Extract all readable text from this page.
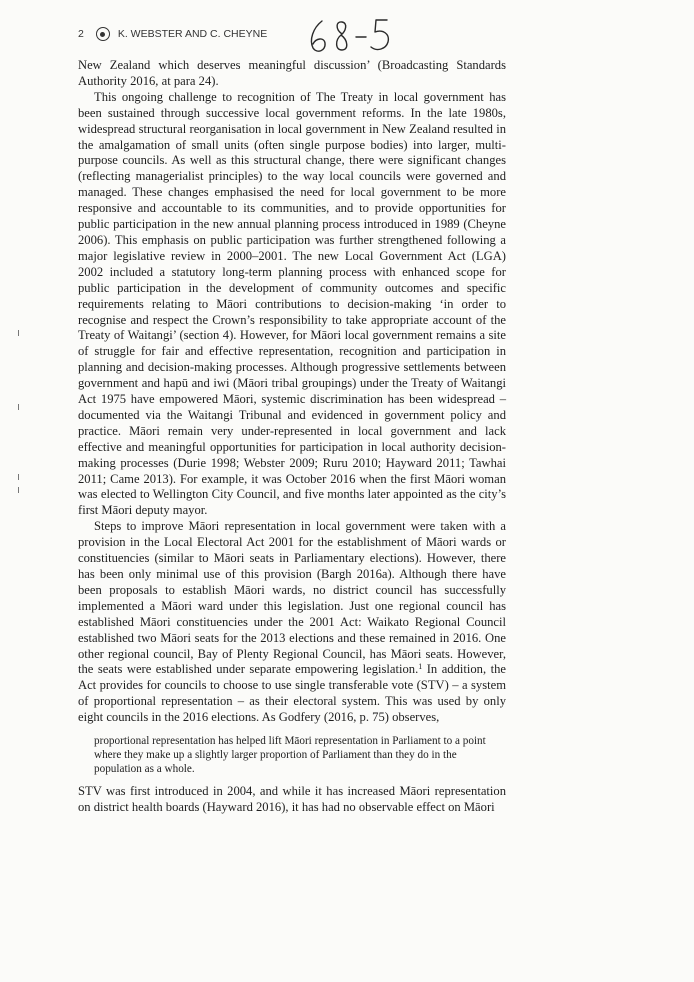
2	K. WEBSTER AND C. CHEYNE

New Zealand which deserves meaningful discussion’ (Broadcasting Standards Authority 2016, at para 24).

This ongoing challenge to recognition of The Treaty in local government has been sustained through successive local government reforms. In the late 1980s, widespread structural reorganisation in local government in New Zealand resulted in the amalgamation of small units (often single purpose bodies) into larger, multi-purpose councils. As well as this structural change, there were significant changes (reflecting managerialist principles) to the way local councils were governed and managed. These changes emphasised the need for local government to be more responsive and accountable to its communities, and to provide opportunities for public participation in the new annual planning process introduced in 1989 (Cheyne 2006). This emphasis on public participation was further strengthened following a major legislative review in 2000–2001. The new Local Government Act (LGA) 2002 included a statutory long-term planning process with enhanced scope for public participation in the development of community outcomes and specific requirements relating to Māori contributions to decision-making ‘in order to recognise and respect the Crown’s responsibility to take appropriate account of the Treaty of Waitangi’ (section 4). However, for Māori local government remains a site of struggle for fair and effective representation, recognition and participation in planning and decision-making processes. Although progressive settlements between government and hapū and iwi (Māori tribal groupings) under the Treaty of Waitangi Act 1975 have empowered Māori, systemic discrimination has been widespread – documented via the Waitangi Tribunal and evidenced in government policy and practice. Māori remain very under-represented in local government and lack effective and meaningful opportunities for participation in local authority decision-making processes (Durie 1998; Webster 2009; Ruru 2010; Hayward 2011; Tawhai 2011; Came 2013). For example, it was October 2016 when the first Māori woman was elected to Wellington City Council, and five months later appointed as the city’s first Māori deputy mayor.

Steps to improve Māori representation in local government were taken with a provision in the Local Electoral Act 2001 for the establishment of Māori wards or constituencies (similar to Māori seats in Parliamentary elections). However, there has been only minimal use of this provision (Bargh 2016a). Although there have been proposals to establish Māori wards, no district council has successfully implemented a Māori ward under this legislation. Just one regional council has established Māori constituencies under the 2001 Act: Waikato Regional Council established two Māori seats for the 2013 elections and these remained in 2016. One other regional council, Bay of Plenty Regional Council, has Māori seats. However, the seats were established under separate empowering legislation.$^1$ In addition, the Act provides for councils to choose to use single transferable vote (STV) – a system of proportional representation – as their electoral system. This was used by only eight councils in the 2016 elections. As Godfery (2016, p. 75) observes,

proportional representation has helped lift Māori representation in Parliament to a point where they make up a slightly larger proportion of Parliament than they do in the population as a whole.

STV was first introduced in 2004, and while it has increased Māori representation on district health boards (Hayward 2016), it has had no observable effect on Māori
